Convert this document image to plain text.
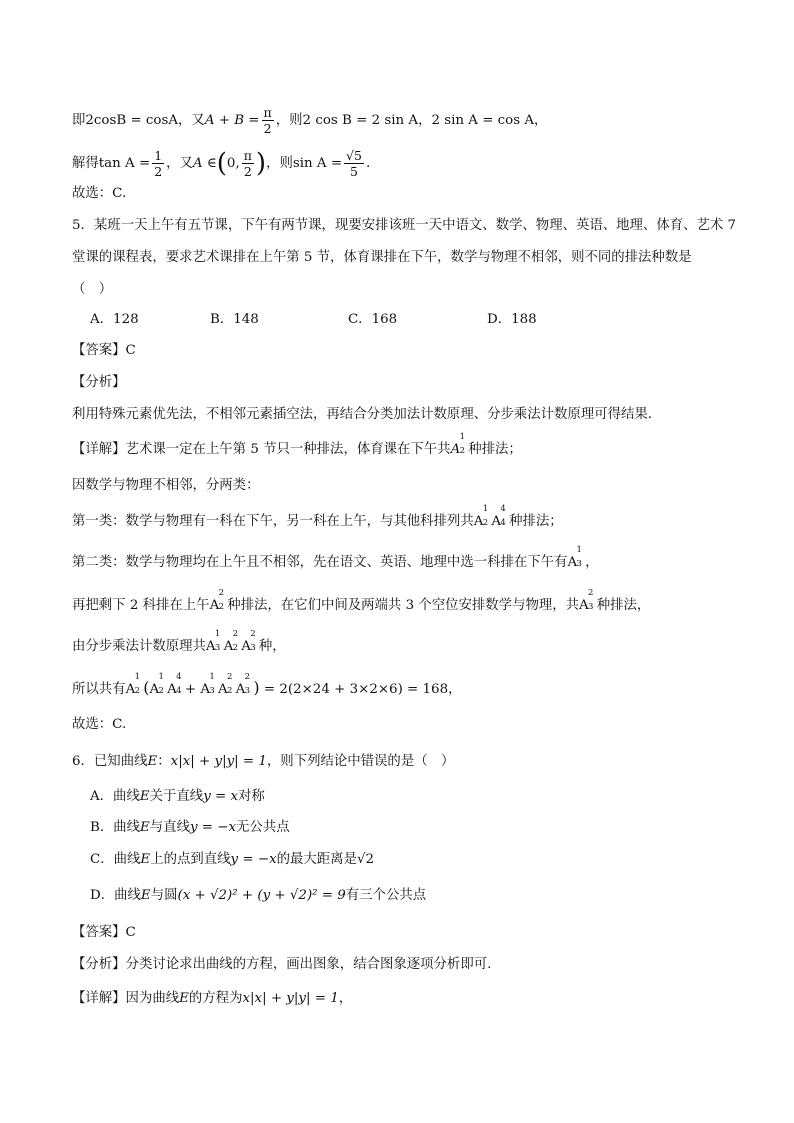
即2cosB = cosA，又$A + B = \frac{\pi}{2}$ ，则2 cos B = 2 sin A，2 sin A = cos A，
解得$\tan A = \frac{1}{2}$ ，又A ∈(0, $\frac{\pi}{2}$ )，则$\sin A = \frac{√5}{5}$ .
故选：C.
5．某班一天上午有五节课，下午有两节课，现要安排该班一天中语文、数学、物理、英语、地理、体育、艺术 7
堂课的课程表，要求艺术课排在上午第 5 节，体育课排在下午，数学与物理不相邻，则不同的排法种数是
（　）
A．128	B．148	C．168	D．188
【答案】C
【分析】
利用特殊元素优先法，不相邻元素插空法，再结合分类加法计数原理、分步乘法计数原理可得结果.
【详解】艺术课一定在上午第 5 节只一种排法，体育课在下午共A
1
2 种排法；
因数学与物理不相邻，分两类：
第一类：数学与物理有一科在下午，另一科在上午，与其他科排列共A
1
2 A
4
4 种排法；
第二类：数学与物理均在上午且不相邻，先在语文、英语、地理中选一科排在下午有A
1
3 ，
再把剩下 2 科排在上午A
2
2 种排法，在它们中间及两端共 3 个空位安排数学与物理，共A
2
3 种排法，
由分步乘法计数原理共A
1
3 A
2
2 A
2
3 种，
所以共有A
1
2 (A
1
2 A
4
4 + A
1
3 A
2
2 A
2
3 ) = 2(2×24 + 3×2×6) = 168，
故选：C.
6．已知曲线E：x|x| + y|y| = 1，则下列结论中错误的是（　）
A．曲线E关于直线y = x对称
B．曲线E与直线y = −x无公共点
C．曲线E上的点到直线y = −x的最大距离是√2
D．曲线E与圆(x + √2)² + (y + √2)² = 9有三个公共点
【答案】C
【分析】分类讨论求出曲线的方程，画出图象，结合图象逐项分析即可.
【详解】因为曲线E的方程为x|x| + y|y| = 1，
